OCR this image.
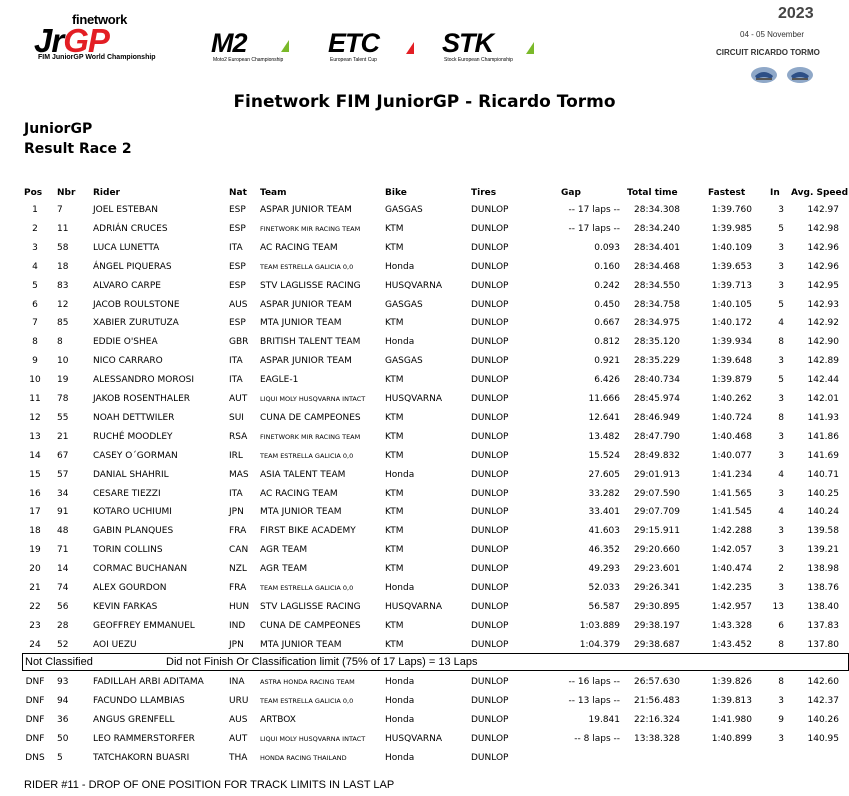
finetwork
JrGP
FIM JuniorGP World Championship M2
Moto2 European Championship
ETC
European Talent Cup
STK
Stock European Championship
2023
04 - 05 November
CIRCUIT RICARDO TORMO
Finetwork FIM JuniorGP - Ricardo Tormo
JuniorGP
Result Race 2
Pos Nbr Rider	Nat Team	Bike	Tires	Gap	Total time	Fastest	In Avg. Speed
1	7	JOEL ESTEBAN	ESP ASPAR JUNIOR TEAM	GASGAS	DUNLOP	-- 17 laps --	28:34.308	1:39.760	3	142.97
2	11	ADRIÁN CRUCES	ESP FINETWORK MIR RACING TEAM	KTM	DUNLOP	-- 17 laps --	28:34.240	1:39.985	5	142.98
3	58	LUCA LUNETTA	ITA AC RACING TEAM	KTM	DUNLOP	0.093	28:34.401	1:40.109	3	142.96
4	18	ÁNGEL PIQUERAS	ESP TEAM ESTRELLA GALICIA 0,0	Honda	DUNLOP	0.160	28:34.468	1:39.653	3	142.96
5	83	ALVARO CARPE	ESP STV LAGLISSE RACING	HUSQVARNA	DUNLOP	0.242	28:34.550	1:39.713	3	142.95
6	12	JACOB ROULSTONE	AUS ASPAR JUNIOR TEAM	GASGAS	DUNLOP	0.450	28:34.758	1:40.105	5	142.93
7	85	XABIER ZURUTUZA	ESP MTA JUNIOR TEAM	KTM	DUNLOP	0.667	28:34.975	1:40.172	4	142.92
8	8	EDDIE O'SHEA	GBR BRITISH TALENT TEAM	Honda	DUNLOP	0.812	28:35.120	1:39.934	8	142.90
9	10	NICO CARRARO	ITA ASPAR JUNIOR TEAM	GASGAS	DUNLOP	0.921	28:35.229	1:39.648	3	142.89
10	19	ALESSANDRO MOROSI	ITA EAGLE-1	KTM	DUNLOP	6.426	28:40.734	1:39.879	5	142.44
11	78	JAKOB ROSENTHALER	AUT LIQUI MOLY HUSQVARNA INTACT	HUSQVARNA	DUNLOP	11.666	28:45.974	1:40.262	3	142.01
12	55	NOAH DETTWILER	SUI CUNA DE CAMPEONES	KTM	DUNLOP	12.641	28:46.949	1:40.724	8	141.93
13	21	RUCHÉ MOODLEY	RSA FINETWORK MIR RACING TEAM	KTM	DUNLOP	13.482	28:47.790	1:40.468	3	141.86
14	67	CASEY O´GORMAN	IRL	TEAM ESTRELLA GALICIA 0,0	KTM	DUNLOP	15.524	28:49.832	1:40.077	3	141.69
15	57	DANIAL SHAHRIL	MAS ASIA TALENT TEAM	Honda	DUNLOP	27.605	29:01.913	1:41.234	4	140.71
16	34	CESARE TIEZZI	ITA AC RACING TEAM	KTM	DUNLOP	33.282	29:07.590	1:41.565	3	140.25
17	91	KOTARO UCHIUMI	JPN MTA JUNIOR TEAM	KTM	DUNLOP	33.401	29:07.709	1:41.545	4	140.24
18	48	GABIN PLANQUES	FRA FIRST BIKE ACADEMY	KTM	DUNLOP	41.603	29:15.911	1:42.288	3	139.58
19	71	TORIN COLLINS	CAN AGR TEAM	KTM	DUNLOP	46.352	29:20.660	1:42.057	3	139.21
20	14	CORMAC BUCHANAN	NZL AGR TEAM	KTM	DUNLOP	49.293	29:23.601	1:40.474	2	138.98
21	74	ALEX GOURDON	FRA TEAM ESTRELLA GALICIA 0,0	Honda	DUNLOP	52.033	29:26.341	1:42.235	3	138.76
22	56	KEVIN FARKAS	HUN STV LAGLISSE RACING	HUSQVARNA	DUNLOP	56.587	29:30.895	1:42.957	13	138.40
23	28	GEOFFREY EMMANUEL	IND CUNA DE CAMPEONES	KTM	DUNLOP	1:03.889	29:38.197	1:43.328	6	137.83
24	52	AOI UEZU	JPN MTA JUNIOR TEAM	KTM	DUNLOP	1:04.379	29:38.687	1:43.452	8	137.80
Not Classified	Did not Finish Or Classification limit (75% of 17 Laps) = 13 Laps
DNF 93	FADILLAH ARBI ADITAMA	INA ASTRA HONDA RACING TEAM	Honda	DUNLOP	-- 16 laps --	26:57.630	1:39.826	8	142.60
DNF 94	FACUNDO LLAMBIAS	URU TEAM ESTRELLA GALICIA 0,0	Honda	DUNLOP	-- 13 laps --	21:56.483	1:39.813	3	142.37
DNF 36	ANGUS GRENFELL	AUS ARTBOX	Honda	DUNLOP	19.841	22:16.324	1:41.980	9	140.26
DNF 50	LEO RAMMERSTORFER	AUT LIQUI MOLY HUSQVARNA INTACT	HUSQVARNA	DUNLOP	-- 8 laps --	13:38.328	1:40.899	3	140.95
DNS 5	TATCHAKORN BUASRI	THA HONDA RACING THAILAND	Honda	DUNLOP
RIDER #11 - DROP OF ONE POSITION FOR TRACK LIMITS IN LAST LAP
